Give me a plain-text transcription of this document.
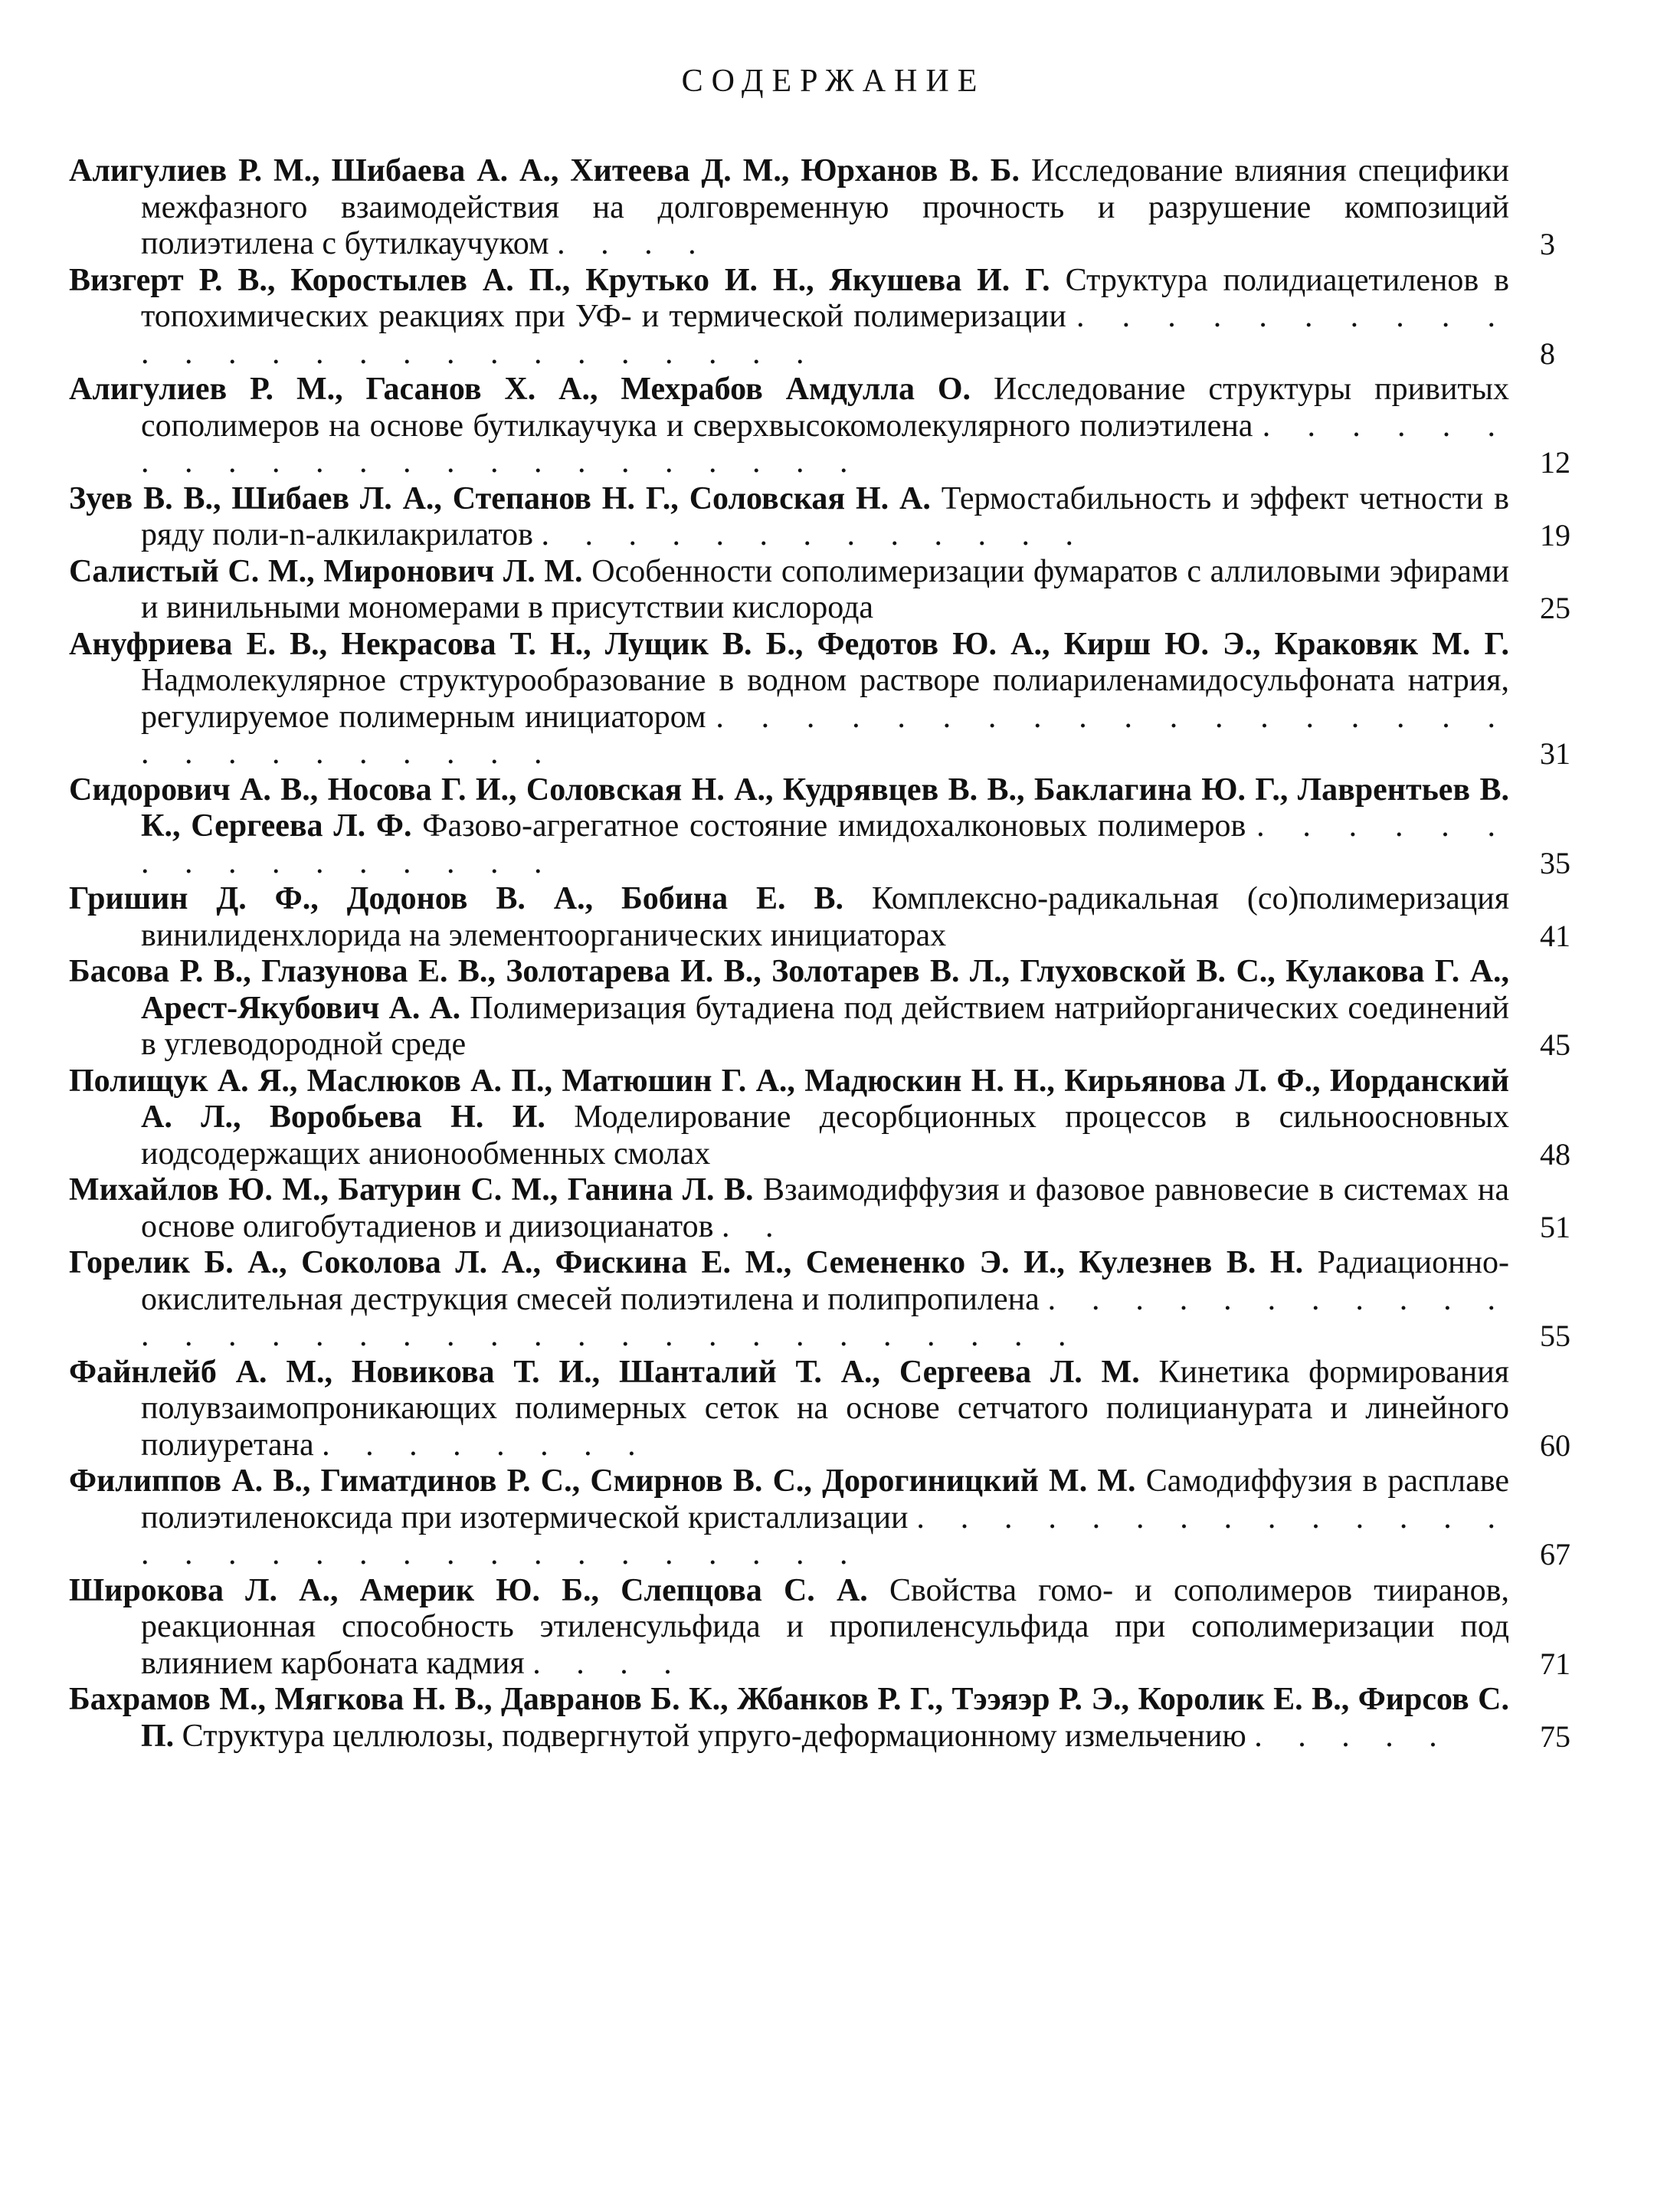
СОДЕРЖАНИЕ
Алигулиев Р. М., Шибаева А. А., Хитеева Д. М., Юрханов В. Б. Исследование влияния специфики межфазного взаимодействия на долговременную прочность и разрушение композиций полиэтилена с бутилкаучуком . . . .	3
Визгерт Р. В., Коростылев А. П., Крутько И. Н., Якушева И. Г. Структура полидиацетиленов в топохимических реакциях при УФ- и термической полимеризации . . . . . . . . . . . . . . . . . . . . . . . . . .	8
Алигулиев Р. М., Гасанов Х. А., Мехрабов Амдулла О. Исследование структуры привитых сополимеров на основе бутилкаучука и сверхвысокомолекулярного полиэтилена . . . . . . . . . . . . . . . . . . . . . . .	12
Зуев В. В., Шибаев Л. А., Степанов Н. Г., Соловская Н. А. Термостабильность и эффект четности в ряду поли-n-алкилакрилатов . . . . . . . . . . . . .	19
Салистый С. М., Миронович Л. М. Особенности сополимеризации фумаратов с аллиловыми эфирами и винильными мономерами в присутствии кислорода	25
Ануфриева Е. В., Некрасова Т. Н., Лущик В. Б., Федотов Ю. А., Кирш Ю. Э., Краковяк М. Г. Надмолекулярное структурообразование в водном растворе полиариленамидосульфоната натрия, регулируемое полимерным инициатором . . . . . . . . . . . . . . . . . . . . . . . . . . . .	31
Сидорович А. В., Носова Г. И., Соловская Н. А., Кудрявцев В. В., Баклагина Ю. Г., Лаврентьев В. К., Сергеева Л. Ф. Фазово-агрегатное состояние имидохалконовых полимеров . . . . . . . . . . . . . . . .	35
Гришин Д. Ф., Додонов В. А., Бобина Е. В. Комплексно-радикальная (со)полимеризация винилиденхлорида на элементоорганических инициаторах	41
Басова Р. В., Глазунова Е. В., Золотарева И. В., Золотарев В. Л., Глуховской В. С., Кулакова Г. А., Арест-Якубович А. А. Полимеризация бутадиена под действием натрийорганических соединений в углеводородной среде	45
Полищук А. Я., Маслюков А. П., Матюшин Г. А., Мадюскин Н. Н., Кирьянова Л. Ф., Иорданский А. Л., Воробьева Н. И. Моделирование десорбционных процессов в сильноосновных иодсодержащих анионообменных смолах	48
Михайлов Ю. М., Батурин С. М., Ганина Л. В. Взаимодиффузия и фазовое равновесие в системах на основе олигобутадиенов и диизоцианатов . .	51
Горелик Б. А., Соколова Л. А., Фискина Е. М., Семененко Э. И., Кулезнев В. Н. Радиационно-окислительная деструкция смесей полиэтилена и полипропилена . . . . . . . . . . . . . . . . . . . . . . . . . . . . . . . . .	55
Файнлейб А. М., Новикова Т. И., Шанталий Т. А., Сергеева Л. М. Кинетика формирования полувзаимопроникающих полимерных сеток на основе сетчатого полицианурата и линейного полиуретана . . . . . . . .	60
Филиппов А. В., Гиматдинов Р. С., Смирнов В. С., Дорогиницкий М. М. Самодиффузия в расплаве полиэтиленоксида при изотермической кристаллизации . . . . . . . . . . . . . . . . . . . . . . . . . . . . . . .	67
Широкова Л. А., Америк Ю. Б., Слепцова С. А. Свойства гомо- и сополимеров тииранов, реакционная способность этиленсульфида и пропиленсульфида при сополимеризации под влиянием карбоната кадмия . . . .	71
Бахрамов М., Мягкова Н. В., Давранов Б. К., Жбанков Р. Г., Тээяэр Р. Э., Королик Е. В., Фирсов С. П. Структура целлюлозы, подвергнутой упруго-деформационному измельчению . . . . .	75
